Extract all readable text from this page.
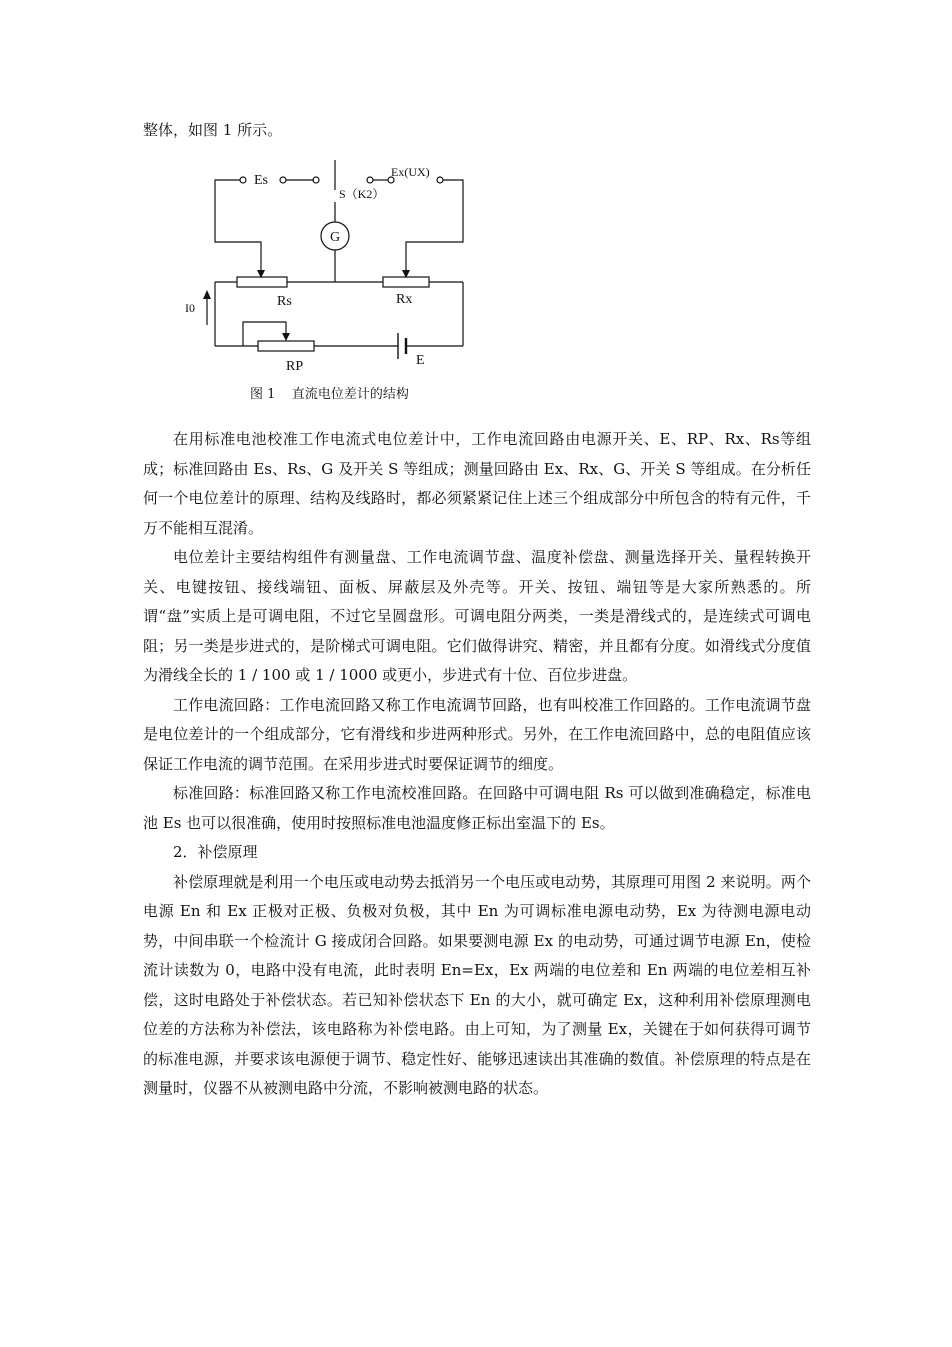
整体，如图 1 所示。
Es
Ex(UX)
S（K2）
G
I0	Rs	Rx
RP	E
图 1    直流电位差计的结构

在用标准电池校准工作电流式电位差计中，工作电流回路由电源开关、E、RP、Rx、Rs等组成；标准回路由 Es、Rs、G 及开关 S 等组成；测量回路由 Ex、Rx、G、开关 S 等组成。在分析任何一个电位差计的原理、结构及线路时，都必须紧紧记住上述三个组成部分中所包含的特有元件，千万不能相互混淆。

电位差计主要结构组件有测量盘、工作电流调节盘、温度补偿盘、测量选择开关、量程转换开关、电键按钮、接线端钮、面板、屏蔽层及外壳等。开关、按钮、端钮等是大家所熟悉的。所谓“盘”实质上是可调电阻，不过它呈圆盘形。可调电阻分两类，一类是滑线式的，是连续式可调电阻；另一类是步进式的，是阶梯式可调电阻。它们做得讲究、精密，并且都有分度。如滑线式分度值为滑线全长的 1 / 100 或 1 / 1000 或更小，步进式有十位、百位步进盘。

工作电流回路：工作电流回路又称工作电流调节回路，也有叫校准工作回路的。工作电流调节盘是电位差计的一个组成部分，它有滑线和步进两种形式。另外，在工作电流回路中，总的电阻值应该保证工作电流的调节范围。在采用步进式时要保证调节的细度。

标准回路：标准回路又称工作电流校准回路。在回路中可调电阻 Rs 可以做到准确稳定，标准电池 Es 也可以很准确，使用时按照标准电池温度修正标出室温下的 Es。

2．补偿原理

补偿原理就是利用一个电压或电动势去抵消另一个电压或电动势，其原理可用图 2 来说明。两个电源 En 和 Ex 正极对正极、负极对负极，其中 En 为可调标准电源电动势，Ex 为待测电源电动势，中间串联一个检流计 G 接成闭合回路。如果要测电源 Ex 的电动势，可通过调节电源 En，使检流计读数为 0，电路中没有电流，此时表明 En=Ex，Ex 两端的电位差和 En 两端的电位差相互补偿，这时电路处于补偿状态。若已知补偿状态下 En 的大小，就可确定 Ex，这种利用补偿原理测电位差的方法称为补偿法，该电路称为补偿电路。由上可知，为了测量 Ex，关键在于如何获得可调节的标准电源，并要求该电源便于调节、稳定性好、能够迅速读出其准确的数值。补偿原理的特点是在测量时，仪器不从被测电路中分流，不影响被测电路的状态。
